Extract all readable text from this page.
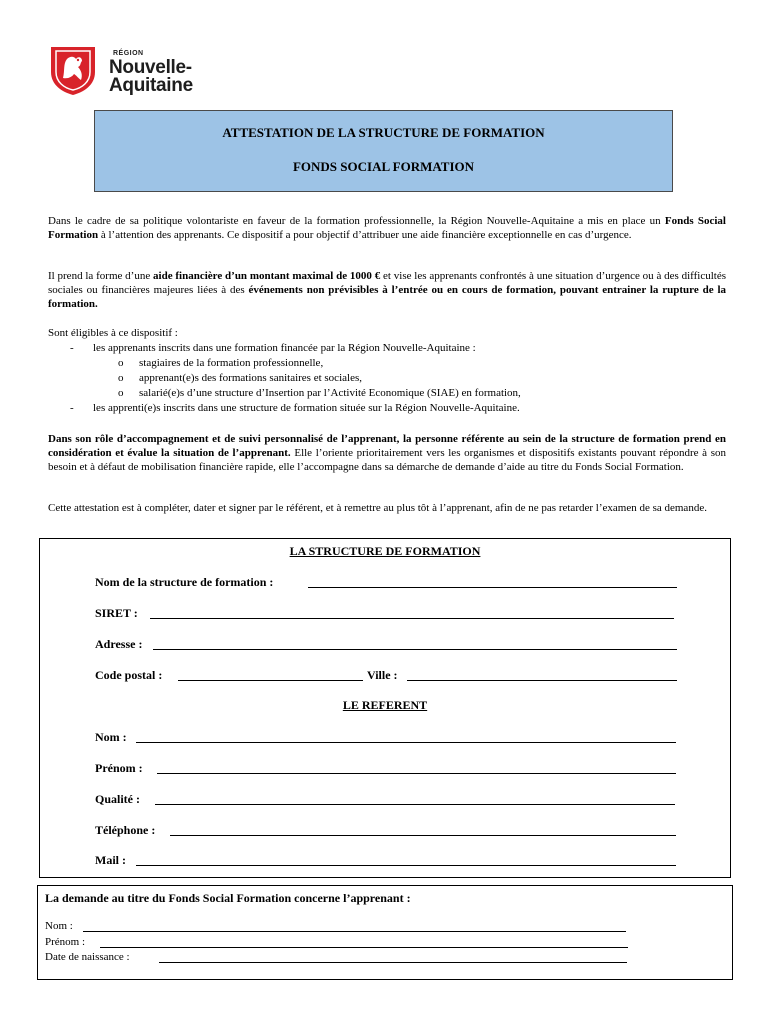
RÉGION
Nouvelle-
Aquitaine
ATTESTATION DE LA STRUCTURE DE FORMATION
FONDS SOCIAL FORMATION
Dans le cadre de sa politique volontariste en faveur de la formation professionnelle, la Région Nouvelle-Aquitaine a mis en place un Fonds Social Formation à l’attention des apprenants. Ce dispositif a pour objectif d’attribuer une aide financière exceptionnelle en cas d’urgence.
Il prend la forme d’une aide financière d’un montant maximal de 1000 € et vise les apprenants confrontés à une situation d’urgence ou à des difficultés sociales ou financières majeures liées à des événements non prévisibles à l’entrée ou en cours de formation, pouvant entrainer la rupture de la formation.
Sont éligibles à ce dispositif :
- les apprenants inscrits dans une formation financée par la Région Nouvelle-Aquitaine :
o stagiaires de la formation professionnelle,
o apprenant(e)s des formations sanitaires et sociales,
o salarié(e)s d’une structure d’Insertion par l’Activité Economique (SIAE) en formation,
- les apprenti(e)s inscrits dans une structure de formation située sur la Région Nouvelle-Aquitaine.
Dans son rôle d’accompagnement et de suivi personnalisé de l’apprenant, la personne référente au sein de la structure de formation prend en considération et évalue la situation de l’apprenant. Elle l’oriente prioritairement vers les organismes et dispositifs existants pouvant répondre à son besoin et à défaut de mobilisation financière rapide, elle l’accompagne dans sa démarche de demande d’aide au titre du Fonds Social Formation.
Cette attestation est à compléter, dater et signer par le référent, et à remettre au plus tôt à l’apprenant, afin de ne pas retarder l’examen de sa demande.
LA STRUCTURE DE FORMATION
Nom de la structure de formation :
SIRET :
Adresse :
Code postal :	Ville :
LE REFERENT
Nom :
Prénom :
Qualité :
Téléphone :
Mail :
La demande au titre du Fonds Social Formation concerne l’apprenant :
Nom :
Prénom :
Date de naissance :
